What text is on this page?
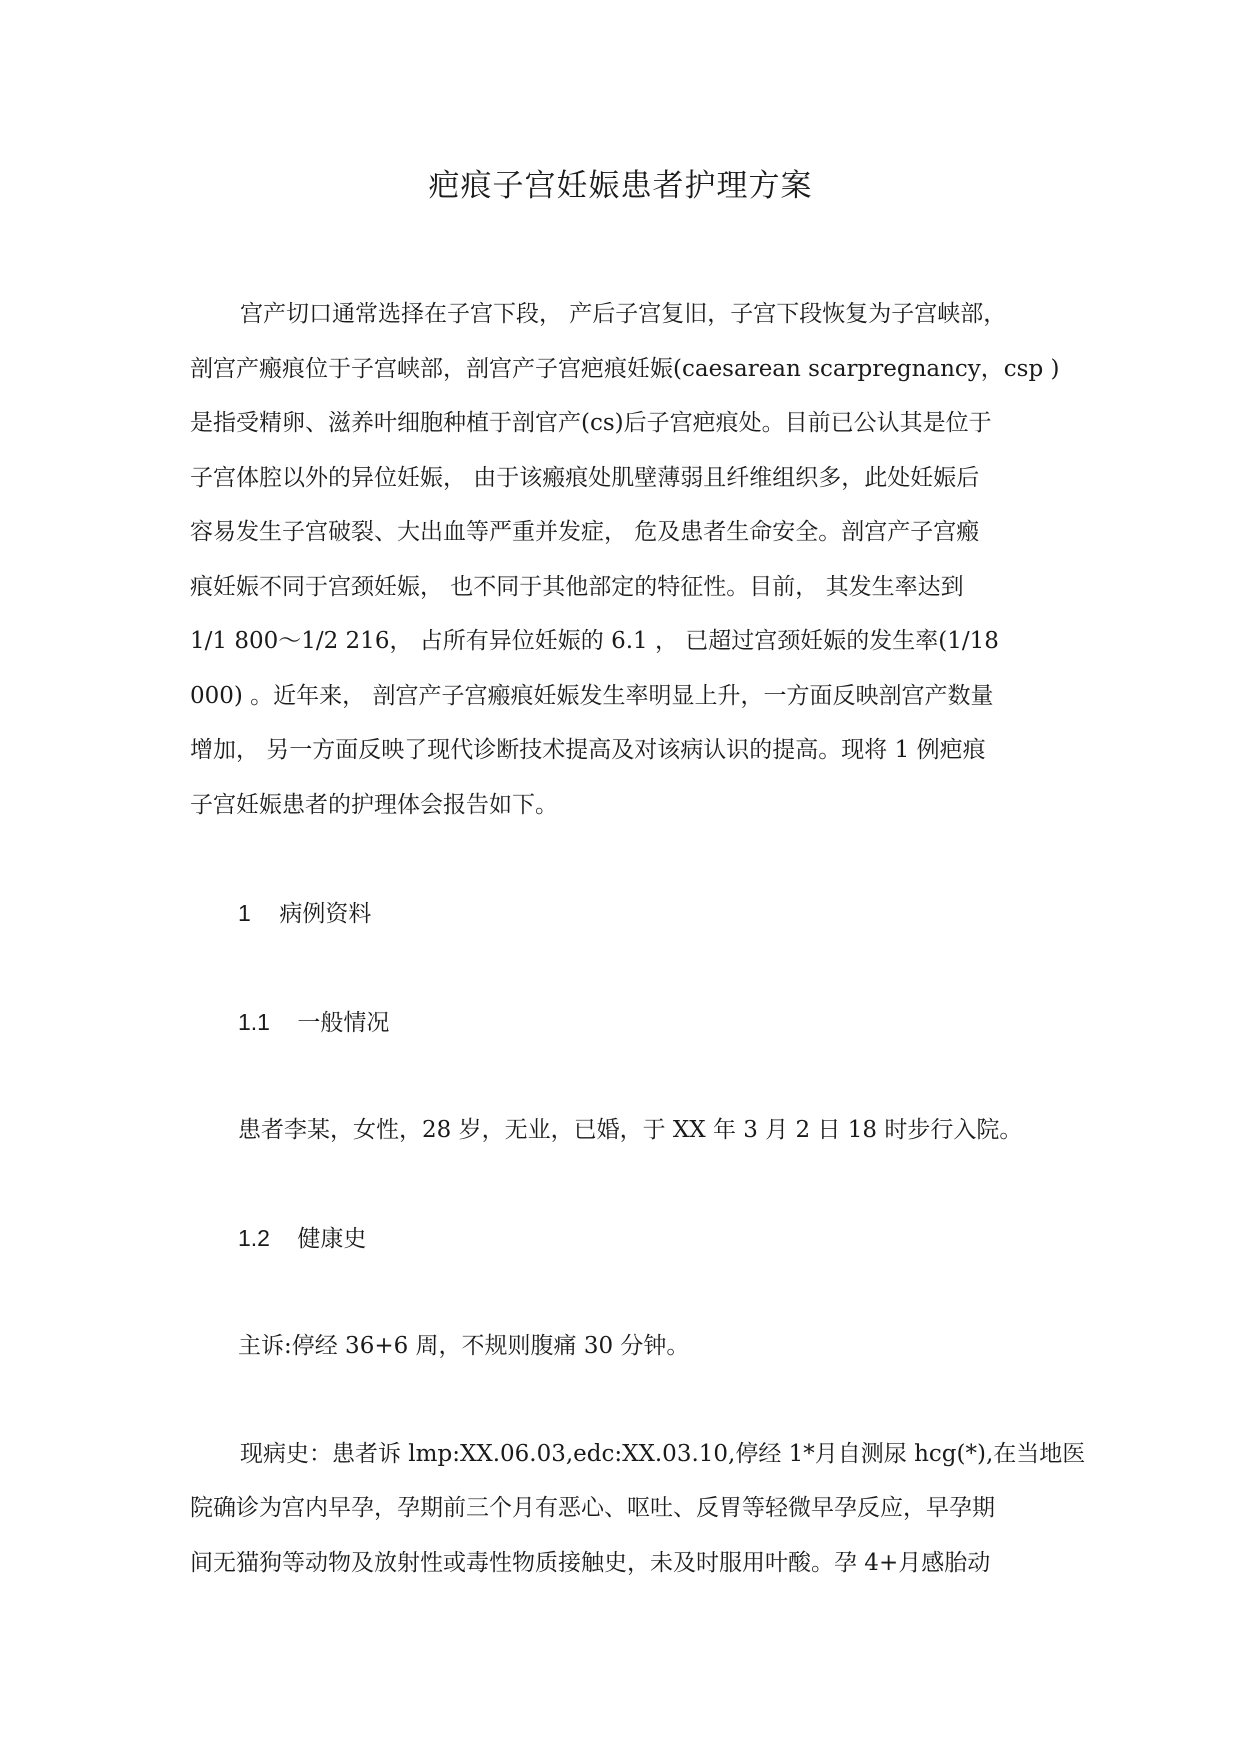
疤痕子宫妊娠患者护理方案
宫产切口通常选择在子宫下段， 产后子宫复旧，子宫下段恢复为子宫峡部，
剖宫产瘢痕位于子宫峡部，剖宫产子宫疤痕妊娠(caesarean scarpregnancy，csp )
是指受精卵、滋养叶细胞种植于剖官产(cs)后子宫疤痕处。目前已公认其是位于
子宫体腔以外的异位妊娠， 由于该瘢痕处肌壁薄弱且纤维组织多，此处妊娠后
容易发生子宫破裂、大出血等严重并发症， 危及患者生命安全。剖宫产子宫瘢
痕妊娠不同于宫颈妊娠， 也不同于其他部定的特征性。目前， 其发生率达到
1/1 800～1/2 216， 占所有异位妊娠的 6.1 ， 已超过宫颈妊娠的发生率(1/18
000) 。近年来， 剖宫产子宫瘢痕妊娠发生率明显上升，一方面反映剖宫产数量
增加， 另一方面反映了现代诊断技术提高及对该病认识的提高。现将 1 例疤痕
子宫妊娠患者的护理体会报告如下。

1 病例资料

1.1 一般情况

患者李某，女性，28 岁，无业，已婚，于 XX 年 3 月 2 日 18 时步行入院。

1.2 健康史

主诉:停经 36+6 周，不规则腹痛 30 分钟。

现病史：患者诉 lmp:XX.06.03,edc:XX.03.10,停经 1*月自测尿 hcg(*),在当地医
院确诊为宫内早孕，孕期前三个月有恶心、呕吐、反胃等轻微早孕反应，早孕期
间无猫狗等动物及放射性或毒性物质接触史，未及时服用叶酸。孕 4+月感胎动
